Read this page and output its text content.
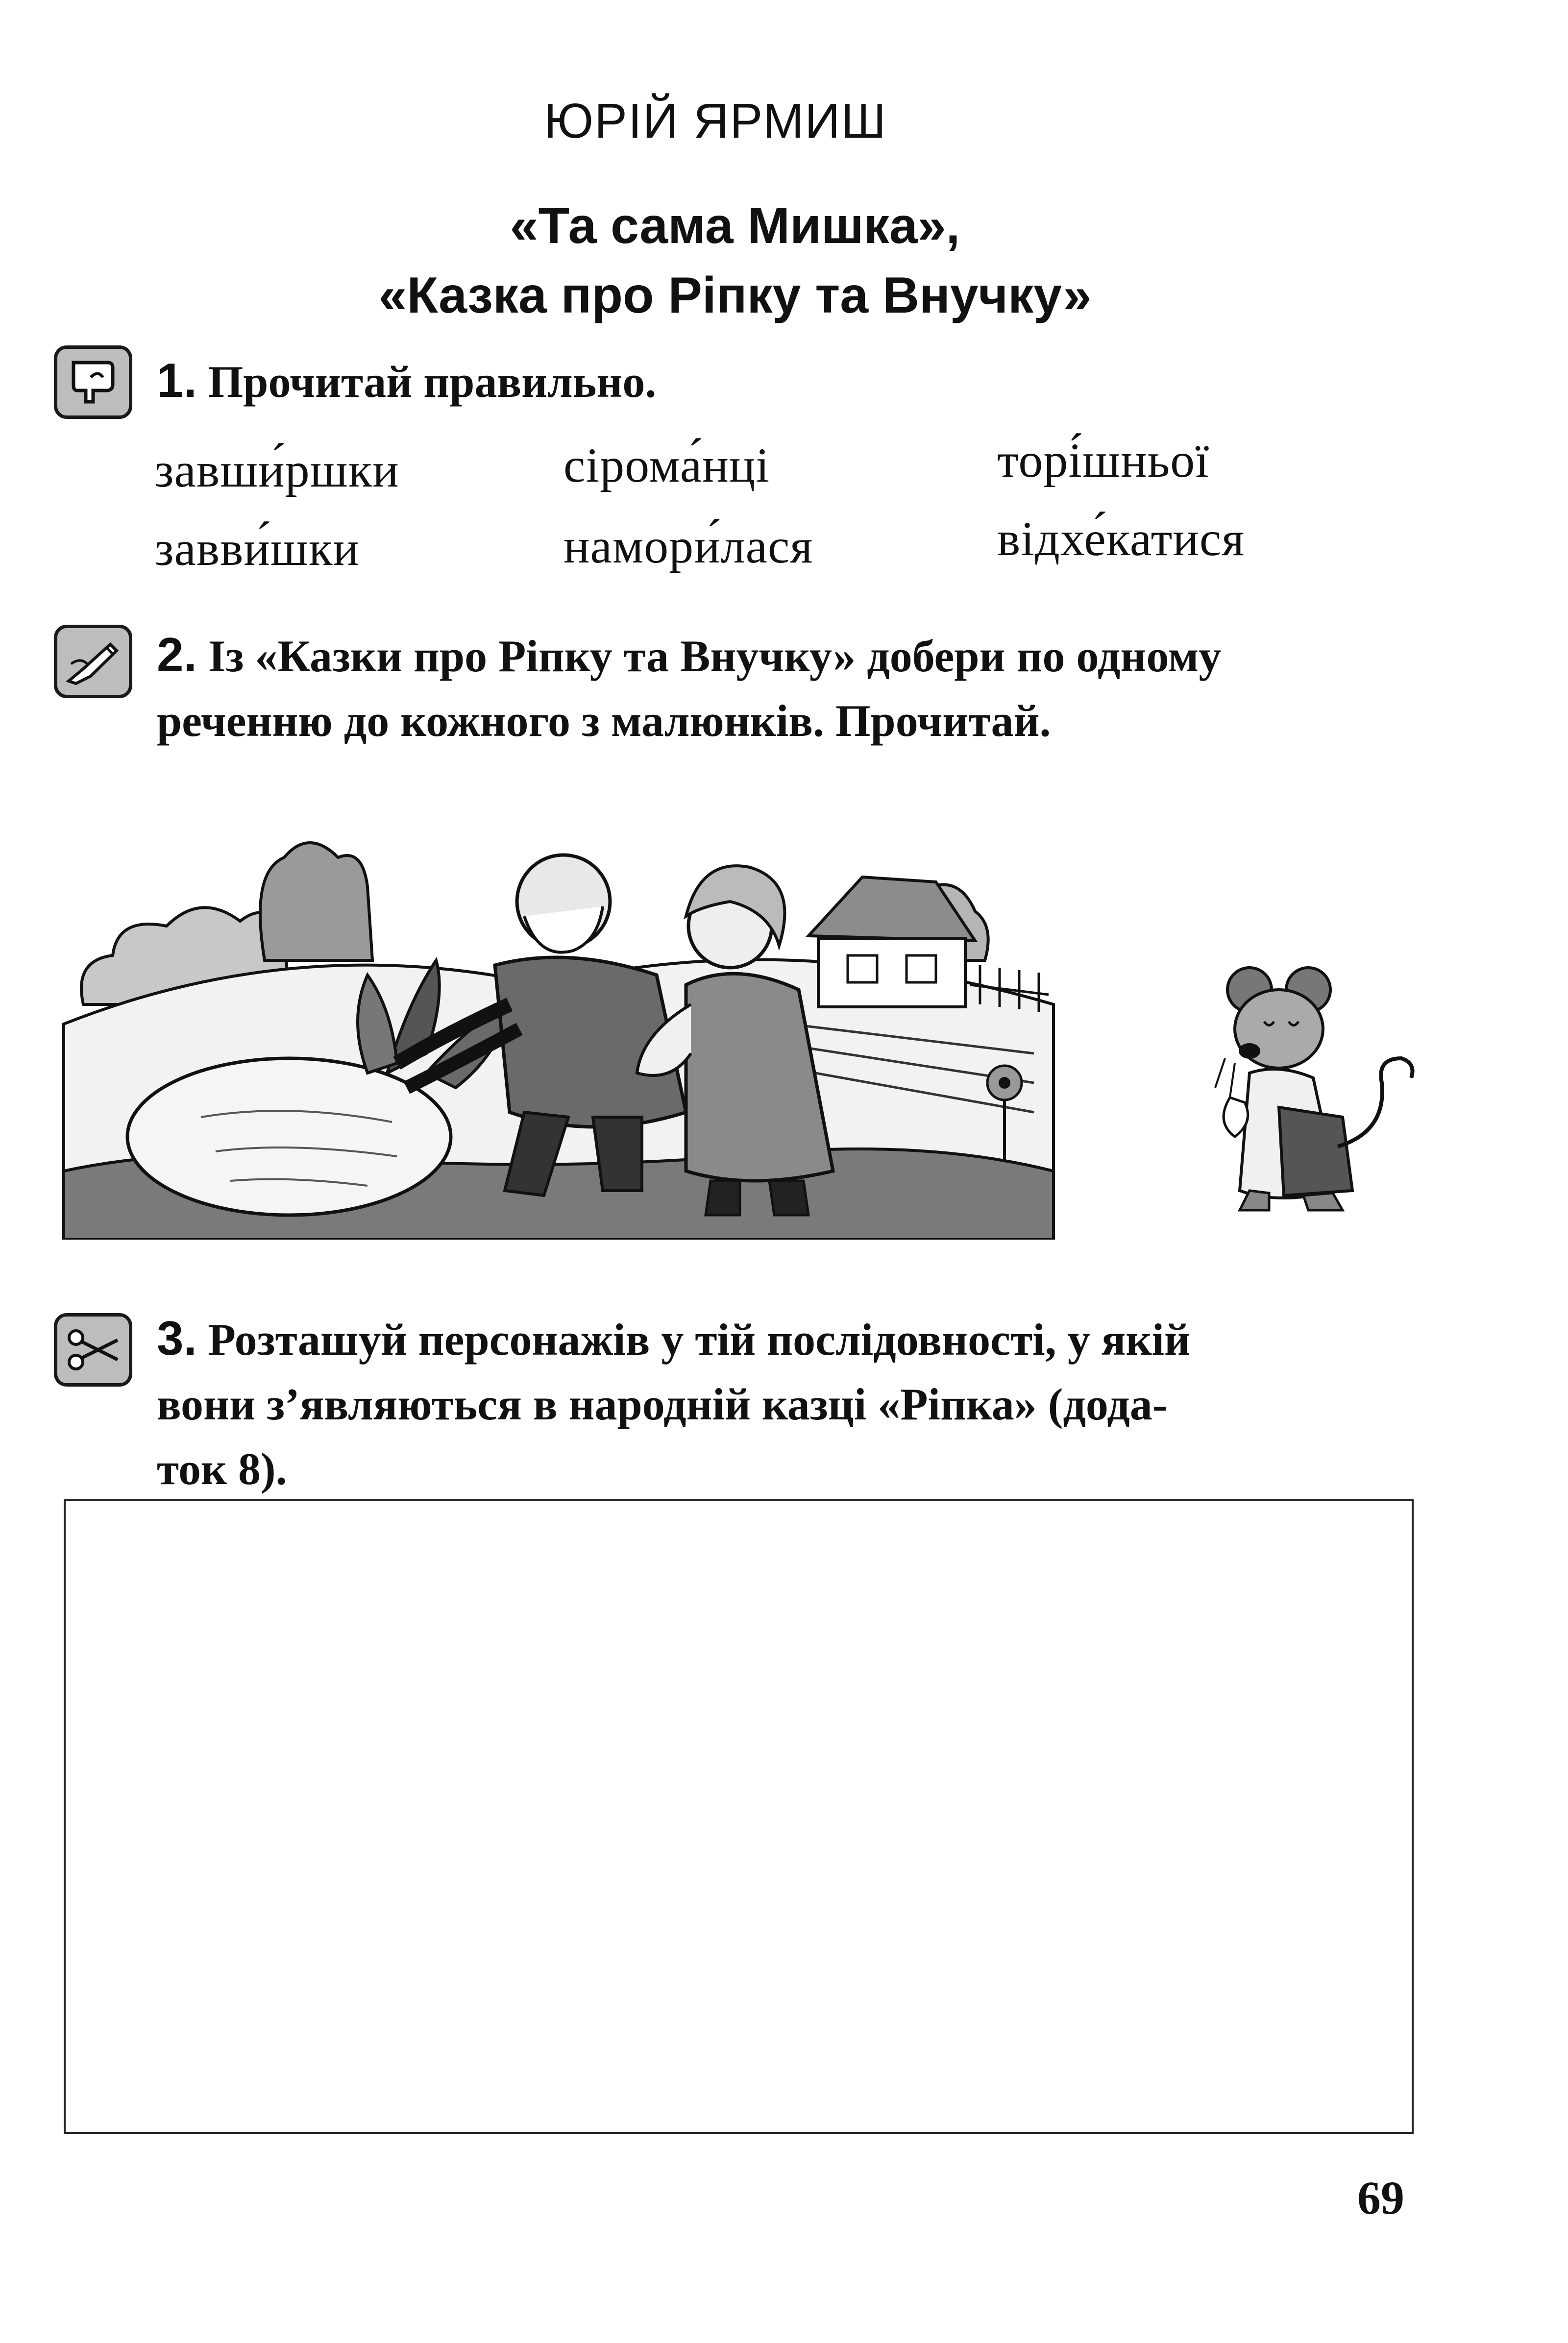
ЮРІЙ ЯРМИШ
«Та сама Мишка»,
«Казка про Ріпку та Внучку»
1. Прочитай правильно.
завши́ршки	сірома́нці	торі́шньої
завви́шки	намори́лася	відхе́катися
2. Із «Казки про Ріпку та Внучку» добери по одному
реченню до кожного з малюнків. Прочитай.
3. Розташуй персонажів у тій послідовності, у якій
вони з’являються в народній казці «Ріпка» (дода-
ток 8).
69
